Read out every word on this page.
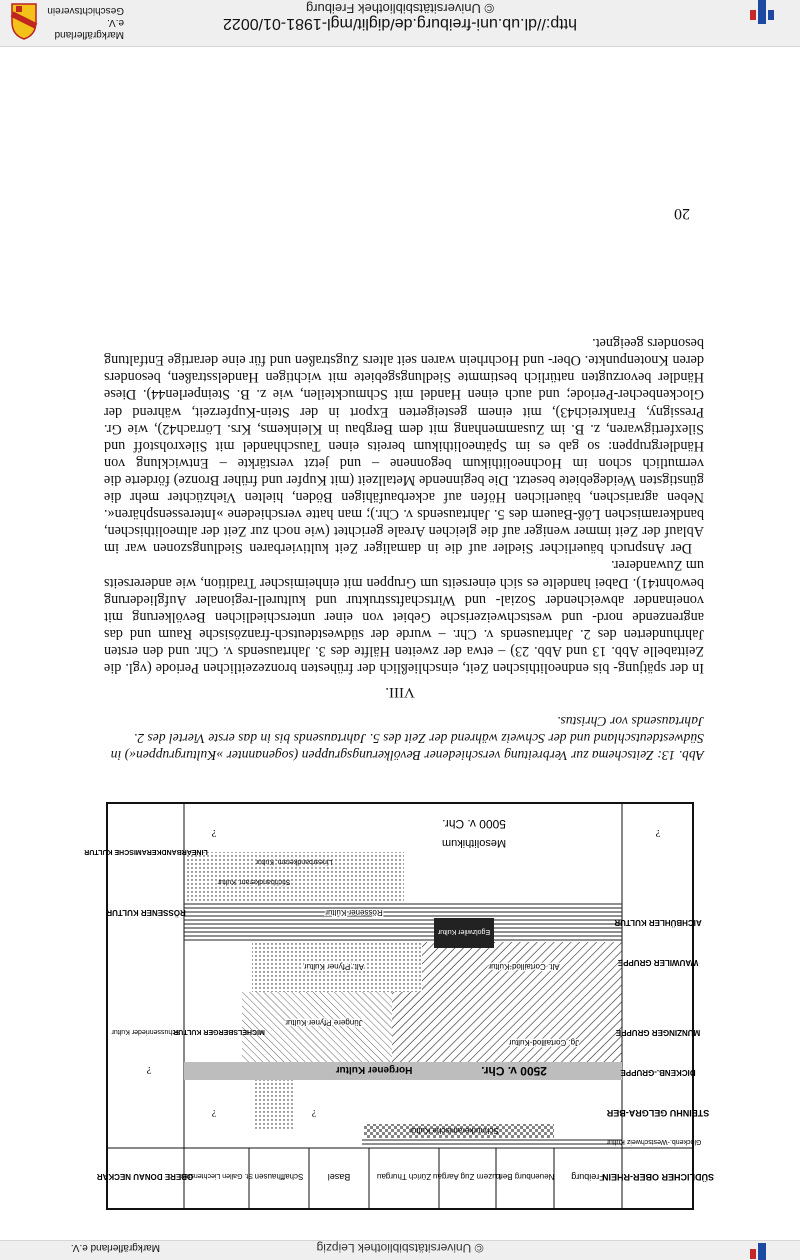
Markgräflerland e.V.
Geschichtsverein	© Universitätsbibliothek Freiburg
http://dl.ub.uni-freiburg.de/diglit/mgl-1981-01/0022
SÜDLICHER OBER-RHEIN
Freiburg
Neuenburg Bern
Luzern Zug Aargau
Zürich Thurgau
Basel
Schaffhausen
St. Gallen Liechtenstein
OBERE DONAU NECKAR
Glockenb.-Westschweiz Kultur
Schnurkeramische Kultur
STEINHU GELGRA-BER
?	?
2500 v. Chr.
Horgener Kultur	DICKENB.-GRUPPE
?
Jg. Cortaillod-Kultur
Jüngere Pfyner Kultur
MUNZINGER GRUPPE
MICHELSBERGER KULTUR
Schussenrieder Kultur
Alt. Cortaillod-Kultur
Alt. Pfyner Kultur	WAUWILER GRUPPE
Egolzwiler Kultur
Rössener Kultur
AICHBÜHLER KULTUR
RÖSSENER KULTUR
Stichbandkeram. Kultur
Linearbandkeram. Kultur
LINEARBANDKERAMISCHE KULTUR
Mesolithikum
5000 v. Chr.
?
?
Abb. 13: Zeitschema zur Verbreitung verschiedener Bevölkerungsgruppen (sogenannter »Kulturgruppen«) in Südwestdeutschland und der Schweiz während der Zeit des 5. Jahrtausends bis in das erste Viertel des 2. Jahrtausends vor Christus.
VIII.

In der spätjung- bis endneolithischen Zeit, einschließlich der frühesten bronzezeitlichen Periode (vgl. die Zeittabelle Abb. 13 und Abb. 23) – etwa der zweiten Hälfte des 3. Jahrtausends v. Chr. und den ersten Jahrhunderten des 2. Jahrtausends v. Chr. – wurde der südwestdeutsch-französische Raum und das angrenzende nord- und westschweizerische Gebiet von einer unterschiedlichen Bevölkerung mit voneinander abweichender Sozial- und Wirtschaftsstruktur und kulturell-regionaler Aufgliederung bewohnt41). Dabei handelte es sich einerseits um Gruppen mit einheimischer Tradition, wie andererseits um Zuwanderer.

Der Anspruch bäuerlicher Siedler auf die in damaliger Zeit kultivierbaren Siedlungszonen war im Ablauf der Zeit immer weniger auf die gleichen Areale gerichtet (wie noch zur Zeit der altneolithischen, bandkeramischen Löß-Bauern des 5. Jahrtausends v. Chr.); man hatte verschiedene »Interessensphären«. Neben agrarischen, bäuerlichen Höfen auf ackerbaufähigen Böden, hielten Viehzüchter mehr die günstigsten Weidegebiete besetzt. Die beginnende Metallzeit (mit Kupfer und früher Bronze) förderte die vermutlich schon im Hochneolithikum begonnene – und jetzt verstärkte – Entwicklung von Händlergruppen: so gab es im Spätneolithikum bereits einen Tauschhandel mit Silexrohstoff und Silexfertigwaren, z. B. im Zusammenhang mit dem Bergbau in Kleinkems, Krs. Lörrach42), wie Gr. Pressigny, Frankreich43), mit einem gesteigerten Export in der Stein-Kupferzeit, während der Glockenbecher-Periode; und auch einen Handel mit Schmuckteilen, wie z. B. Steinperlen44). Diese Händler bevorzugten natürlich bestimmte Siedlungsgebiete mit wichtigen Handelsstraßen, besonders deren Knotenpunkte. Ober- und Hochrhein waren seit alters Zugstraßen und für eine derartige Entfaltung besonders geeignet.

20
Markgräflerland e.V.	© Universitätsbibliothek Leipzig
